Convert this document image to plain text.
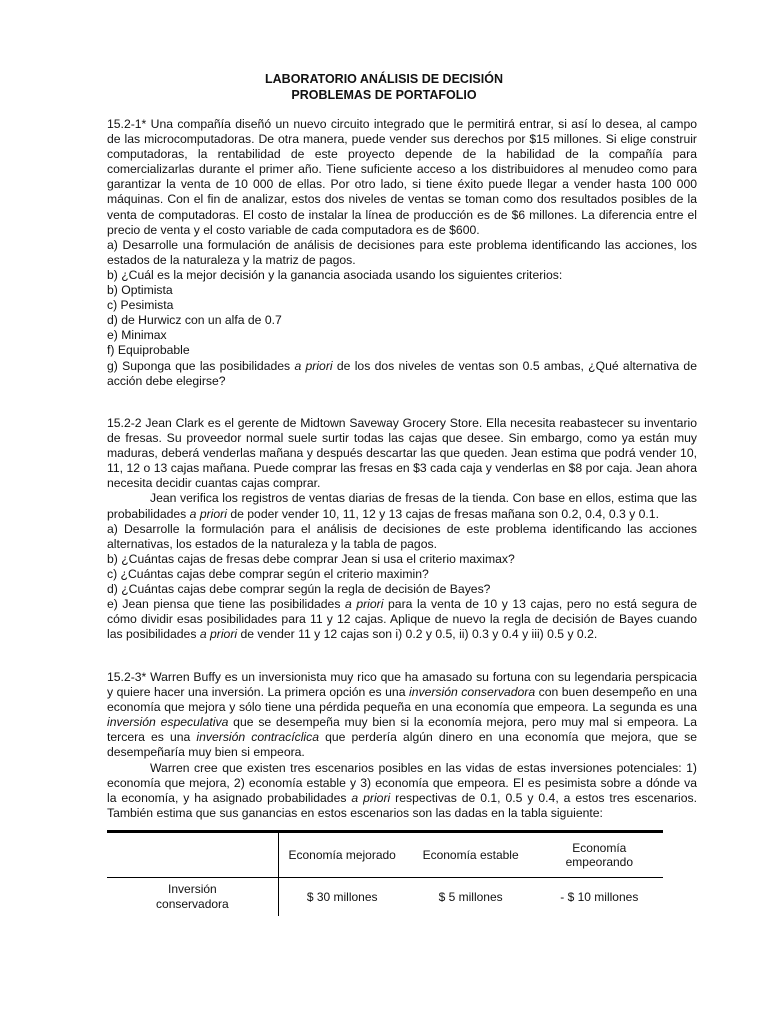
LABORATORIO ANÁLISIS DE DECISIÓN
PROBLEMAS DE PORTAFOLIO

15.2-1* Una compañía diseñó un nuevo circuito integrado que le permitirá entrar, si así lo desea, al campo de las microcomputadoras. De otra manera, puede vender sus derechos por $15 millones. Si elige construir computadoras, la rentabilidad de este proyecto depende de la habilidad de la compañía para comercializarlas durante el primer año. Tiene suficiente acceso a los distribuidores al menudeo como para garantizar la venta de 10 000 de ellas. Por otro lado, si tiene éxito puede llegar a vender hasta 100 000 máquinas. Con el fin de analizar, estos dos niveles de ventas se toman como dos resultados posibles de la venta de computadoras. El costo de instalar la línea de producción es de $6 millones. La diferencia entre el precio de venta y el costo variable de cada computadora es de $600.

a) Desarrolle una formulación de análisis de decisiones para este problema identificando las acciones, los estados de la naturaleza y la matriz de pagos.

b) ¿Cuál es la mejor decisión y la ganancia asociada usando los siguientes criterios:

b) Optimista

c) Pesimista

d) de Hurwicz con un alfa de 0.7

e) Minimax

f) Equiprobable

g) Suponga que las posibilidades a priori de los dos niveles de ventas son 0.5 ambas, ¿Qué alternativa de acción debe elegirse?

15.2-2 Jean Clark es el gerente de Midtown Saveway Grocery Store. Ella necesita reabastecer su inventario de fresas. Su proveedor normal suele surtir todas las cajas que desee. Sin embargo, como ya están muy maduras, deberá venderlas mañana y después descartar las que queden. Jean estima que podrá vender 10, 11, 12 o 13 cajas mañana. Puede comprar las fresas en $3 cada caja y venderlas en $8 por caja. Jean ahora necesita decidir cuantas cajas comprar.

Jean verifica los registros de ventas diarias de fresas de la tienda. Con base en ellos, estima que las probabilidades a priori de poder vender 10, 11, 12 y 13 cajas de fresas mañana son 0.2, 0.4, 0.3 y 0.1.

a) Desarrolle la formulación para el análisis de decisiones de este problema identificando las acciones alternativas, los estados de la naturaleza y la tabla de pagos.

b) ¿Cuántas cajas de fresas debe comprar Jean si usa el criterio maximax?

c) ¿Cuántas cajas debe comprar según el criterio maximin?

d) ¿Cuántas cajas debe comprar según la regla de decisión de Bayes?

e) Jean piensa que tiene las posibilidades a priori para la venta de 10 y 13 cajas, pero no está segura de cómo dividir esas posibilidades para 11 y 12 cajas. Aplique de nuevo la regla de decisión de Bayes cuando las posibilidades a priori de vender 11 y 12 cajas son i) 0.2 y 0.5, ii) 0.3 y 0.4 y iii) 0.5 y 0.2.

15.2-3* Warren Buffy es un inversionista muy rico que ha amasado su fortuna con su legendaria perspicacia y quiere hacer una inversión. La primera opción es una inversión conservadora con buen desempeño en una economía que mejora y sólo tiene una pérdida pequeña en una economía que empeora. La segunda es una inversión especulativa que se desempeña muy bien si la economía mejora, pero muy mal si empeora. La tercera es una inversión contracíclica que perdería algún dinero en una economía que mejora, que se desempeñaría muy bien si empeora.

Warren cree que existen tres escenarios posibles en las vidas de estas inversiones potenciales: 1) economía que mejora, 2) economía estable y 3) economía que empeora. El es pesimista sobre a dónde va la economía, y ha asignado probabilidades a priori respectivas de 0.1, 0.5 y 0.4, a estos tres escenarios. También estima que sus ganancias en estos escenarios son las dadas en la tabla siguiente:

	Economía mejorado	Economía estable	Economía empeorando
Inversión conservadora	$ 30 millones	$ 5 millones	- $ 10 millones
